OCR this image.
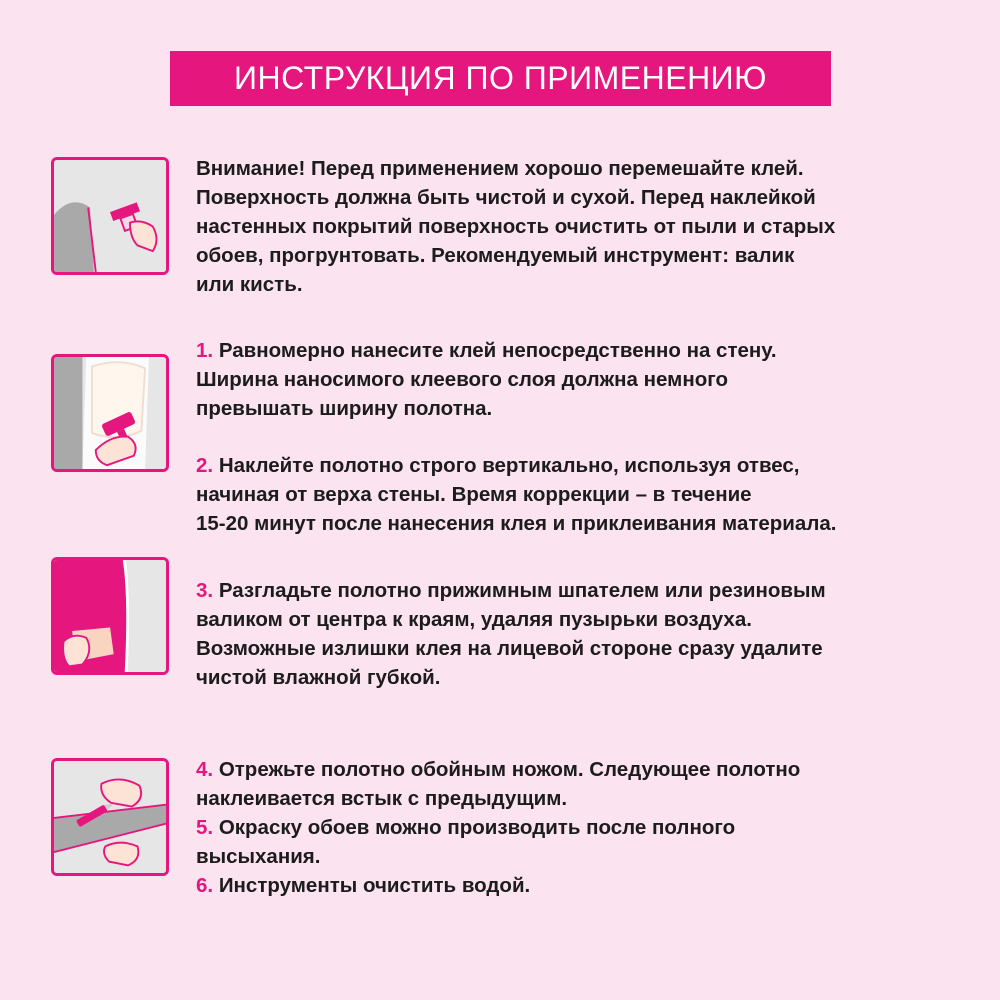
ИНСТРУКЦИЯ ПО ПРИМЕНЕНИЮ
Внимание! Перед применением хорошо перемешайте клей.
Поверхность должна быть чистой и сухой. Перед наклейкой
настенных покрытий поверхность очистить от пыли и старых
обоев, прогрунтовать. Рекомендуемый инструмент: валик
или кисть.
1. Равномерно нанесите клей непосредственно на стену.
Ширина наносимого клеевого слоя должна немного
превышать ширину полотна.
2. Наклейте полотно строго вертикально, используя отвес,
начиная от верха стены. Время коррекции – в течение
15-20 минут после нанесения клея и приклеивания материала.
3. Разгладьте полотно прижимным шпателем или резиновым
валиком от центра к краям, удаляя пузырьки воздуха.
Возможные излишки клея на лицевой стороне сразу удалите
чистой влажной губкой.
4. Отрежьте полотно обойным ножом. Следующее полотно
наклеивается встык с предыдущим.
5. Окраску обоев можно производить после полного
высыхания.
6. Инструменты очистить водой.
